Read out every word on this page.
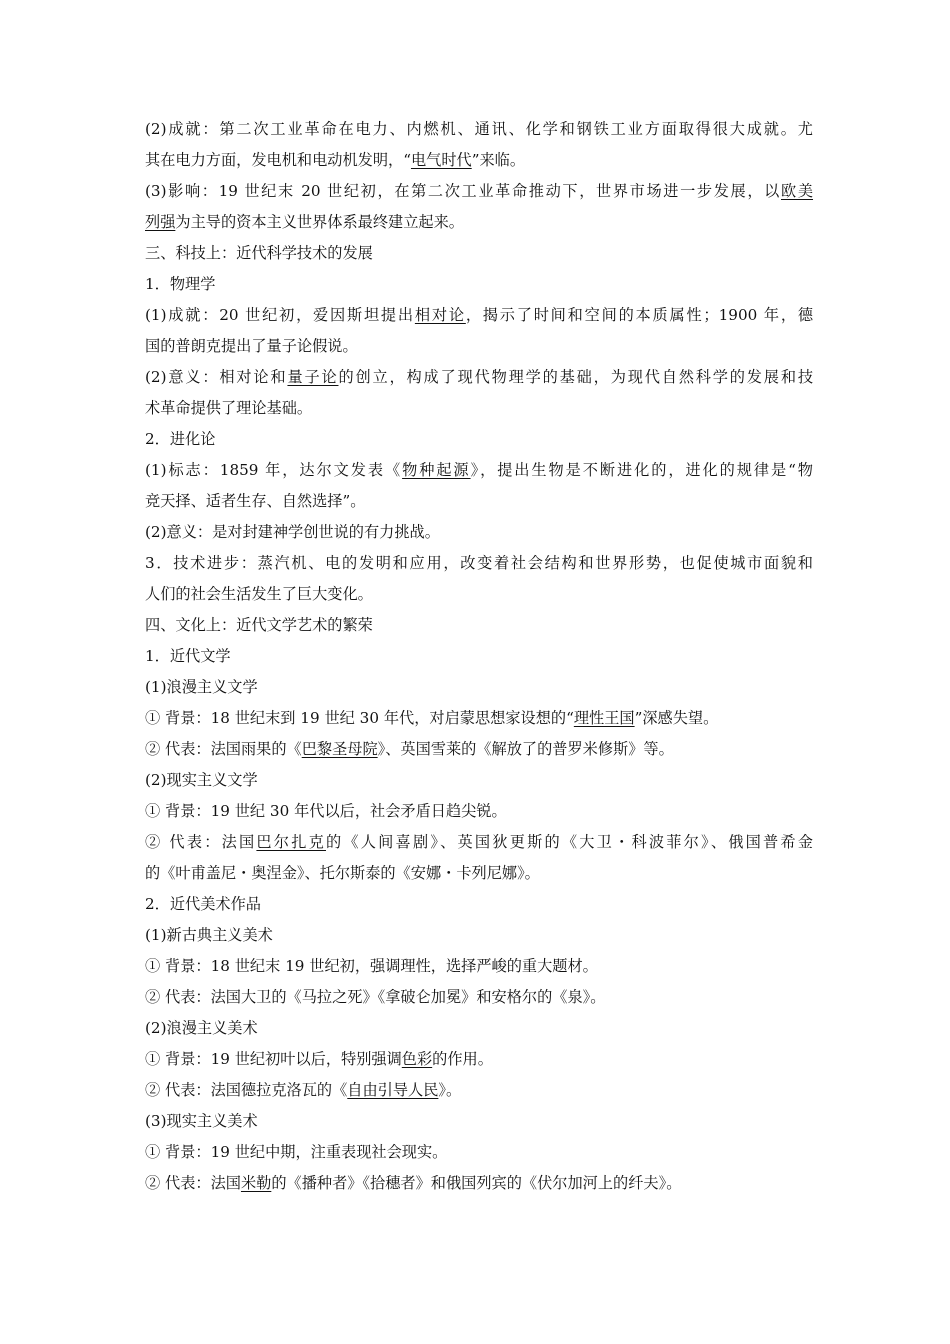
(2)成就：第二次工业革命在电力、内燃机、通讯、化学和钢铁工业方面取得很大成就。尤
其在电力方面，发电机和电动机发明，“电气时代”来临。
(3)影响：19 世纪末 20 世纪初，在第二次工业革命推动下，世界市场进一步发展，以欧美
列强为主导的资本主义世界体系最终建立起来。
三、科技上：近代科学技术的发展
1．物理学
(1)成就：20 世纪初，爱因斯坦提出相对论，揭示了时间和空间的本质属性；1900 年，德
国的普朗克提出了量子论假说。
(2)意义：相对论和量子论的创立，构成了现代物理学的基础，为现代自然科学的发展和技
术革命提供了理论基础。
2．进化论
(1)标志：1859 年，达尔文发表《物种起源》，提出生物是不断进化的，进化的规律是“物
竞天择、适者生存、自然选择”。
(2)意义：是对封建神学创世说的有力挑战。
3．技术进步：蒸汽机、电的发明和应用，改变着社会结构和世界形势，也促使城市面貌和
人们的社会生活发生了巨大变化。
四、文化上：近代文学艺术的繁荣
1．近代文学
(1)浪漫主义文学
① 背景：18 世纪末到 19 世纪 30 年代，对启蒙思想家设想的“理性王国”深感失望。
② 代表：法国雨果的《巴黎圣母院》、英国雪莱的《解放了的普罗米修斯》等。
(2)现实主义文学
① 背景：19 世纪 30 年代以后，社会矛盾日趋尖锐。
② 代表：法国巴尔扎克的《人间喜剧》、英国狄更斯的《大卫・科波菲尔》、俄国普希金
的《叶甫盖尼・奥涅金》、托尔斯泰的《安娜・卡列尼娜》。
2．近代美术作品
(1)新古典主义美术
① 背景：18 世纪末 19 世纪初，强调理性，选择严峻的重大题材。
② 代表：法国大卫的《马拉之死》《拿破仑加冕》和安格尔的《泉》。
(2)浪漫主义美术
① 背景：19 世纪初叶以后，特别强调色彩的作用。
② 代表：法国德拉克洛瓦的《自由引导人民》。
(3)现实主义美术
① 背景：19 世纪中期，注重表现社会现实。
② 代表：法国米勒的《播种者》《拾穗者》和俄国列宾的《伏尔加河上的纤夫》。
